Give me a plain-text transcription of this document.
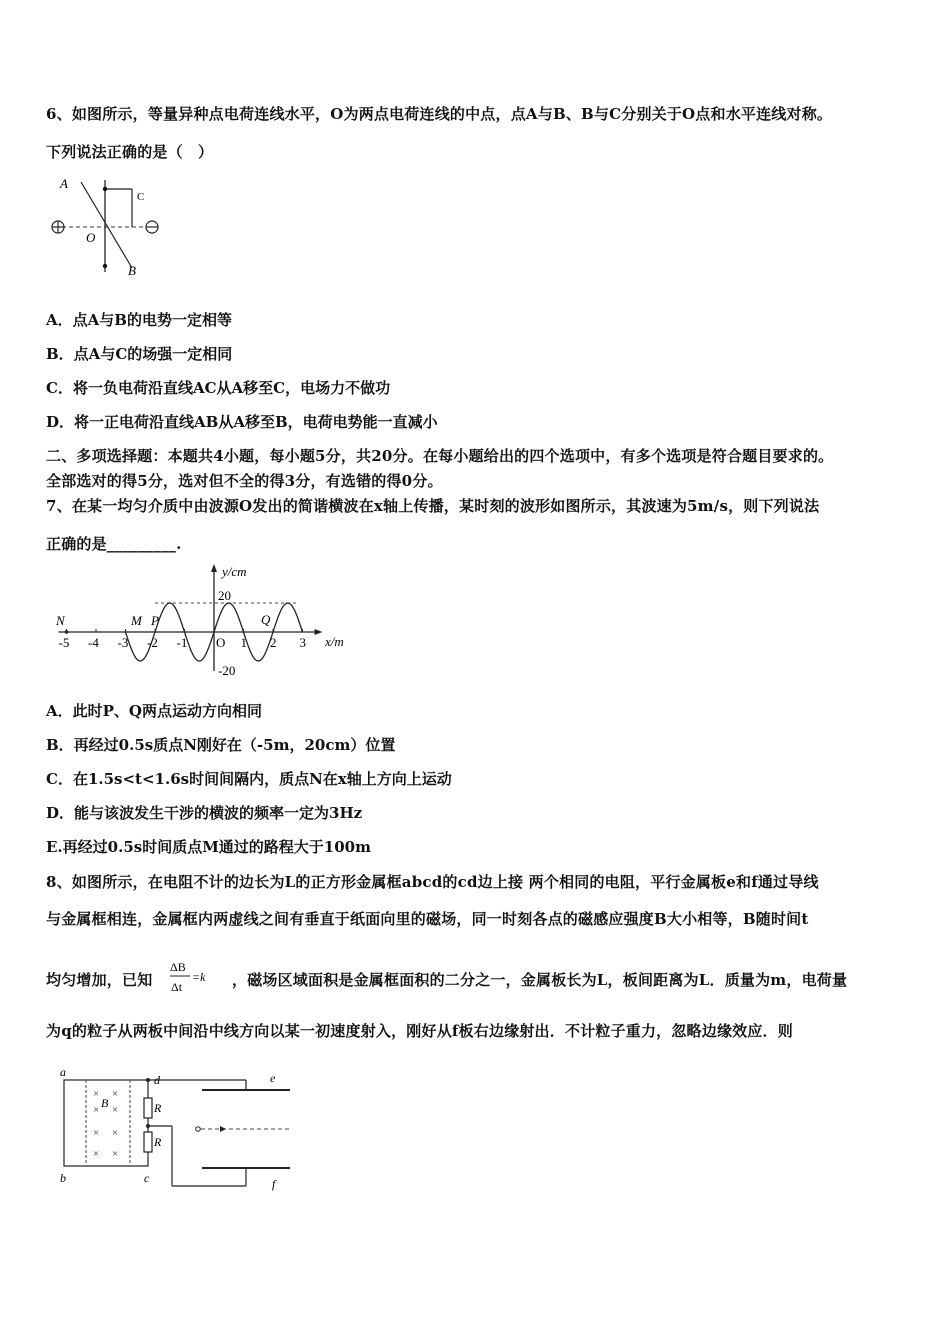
6、如图所示，等量异种点电荷连线水平，O为两点电荷连线的中点，点A与B、B与C分别关于O点和水平连线对称。
下列说法正确的是（　）
A
C
O
B
A．点A与B的电势一定相等
B．点A与C的场强一定相同
C．将一负电荷沿直线AC从A移至C，电场力不做功
D．将一正电荷沿直线AB从A移至B，电荷电势能一直减小
二、多项选择题：本题共4小题，每小题5分，共20分。在每小题给出的四个选项中，有多个选项是符合题目要求的。
全部选对的得5分，选对但不全的得3分，有选错的得0分。
7、在某一均匀介质中由波源O发出的简谐横波在x轴上传播，某时刻的波形如图所示，其波速为5m/s，则下列说法
正确的是_________.
-5 -4 -3 -2 -1 O 1 2 3
20
-20
y/cm
x/m
N	M P	Q
A．此时P、Q两点运动方向相同
B．再经过0.5s质点N刚好在（-5m，20cm）位置
C．在1.5s<t<1.6s时间间隔内，质点N在x轴上方向上运动
D．能与该波发生干涉的横波的频率一定为3Hz
E.再经过0.5s时间质点M通过的路程大于100m
8、如图所示，在电阻不计的边长为L的正方形金属框abcd的cd边上接 两个相同的电阻，平行金属板e和f通过导线
与金属框相连，金属框内两虚线之间有垂直于纸面向里的磁场，同一时刻各点的磁感应强度B大小相等，B随时间t
均匀增加，已知
ΔB
Δt
=k ，磁场区域面积是金属框面积的二分之一，金属板长为L，板间距离为L．质量为m，电荷量
为q的粒子从两板中间沿中线方向以某一初速度射入，刚好从f板右边缘射出．不计粒子重力，忽略边缘效应．则
× ×
× ×
× ×
× ×
B	R
R
a
b	c
d	e
f
